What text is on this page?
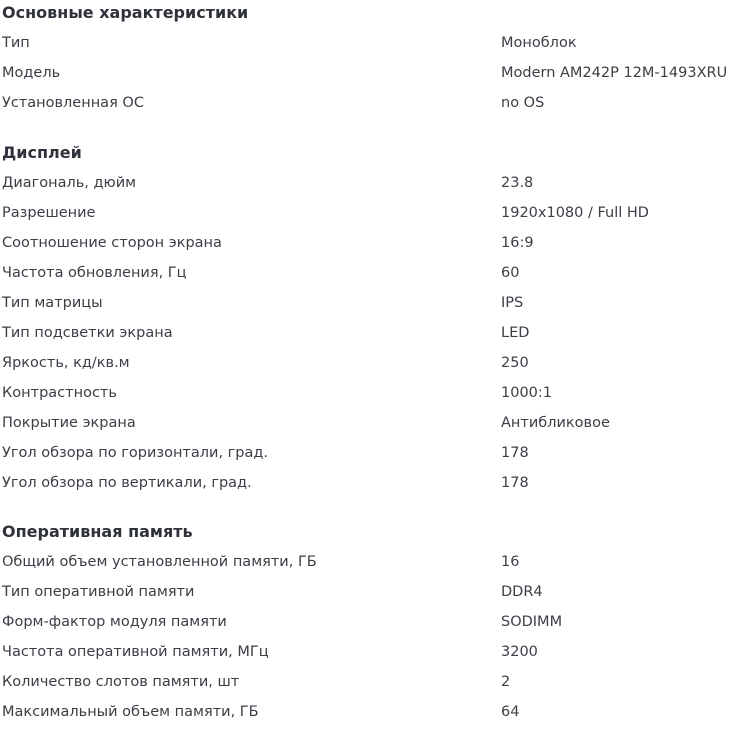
Основные характеристики
Тип	Моноблок
Модель	Modern AM242P 12M-1493XRU
Установленная ОС	no OS
Дисплей
Диагональ, дюйм	23.8
Разрешение	1920x1080 / Full HD
Соотношение сторон экрана	16:9
Частота обновления, Гц	60
Тип матрицы	IPS
Тип подсветки экрана	LED
Яркость, кд/кв.м	250
Контрастность	1000:1
Покрытие экрана	Антибликовое
Угол обзора по горизонтали, град.	178
Угол обзора по вертикали, град.	178
Оперативная память
Общий объем установленной памяти, ГБ	16
Тип оперативной памяти	DDR4
Форм-фактор модуля памяти	SODIMM
Частота оперативной памяти, МГц	3200
Количество слотов памяти, шт	2
Максимальный объем памяти, ГБ	64
